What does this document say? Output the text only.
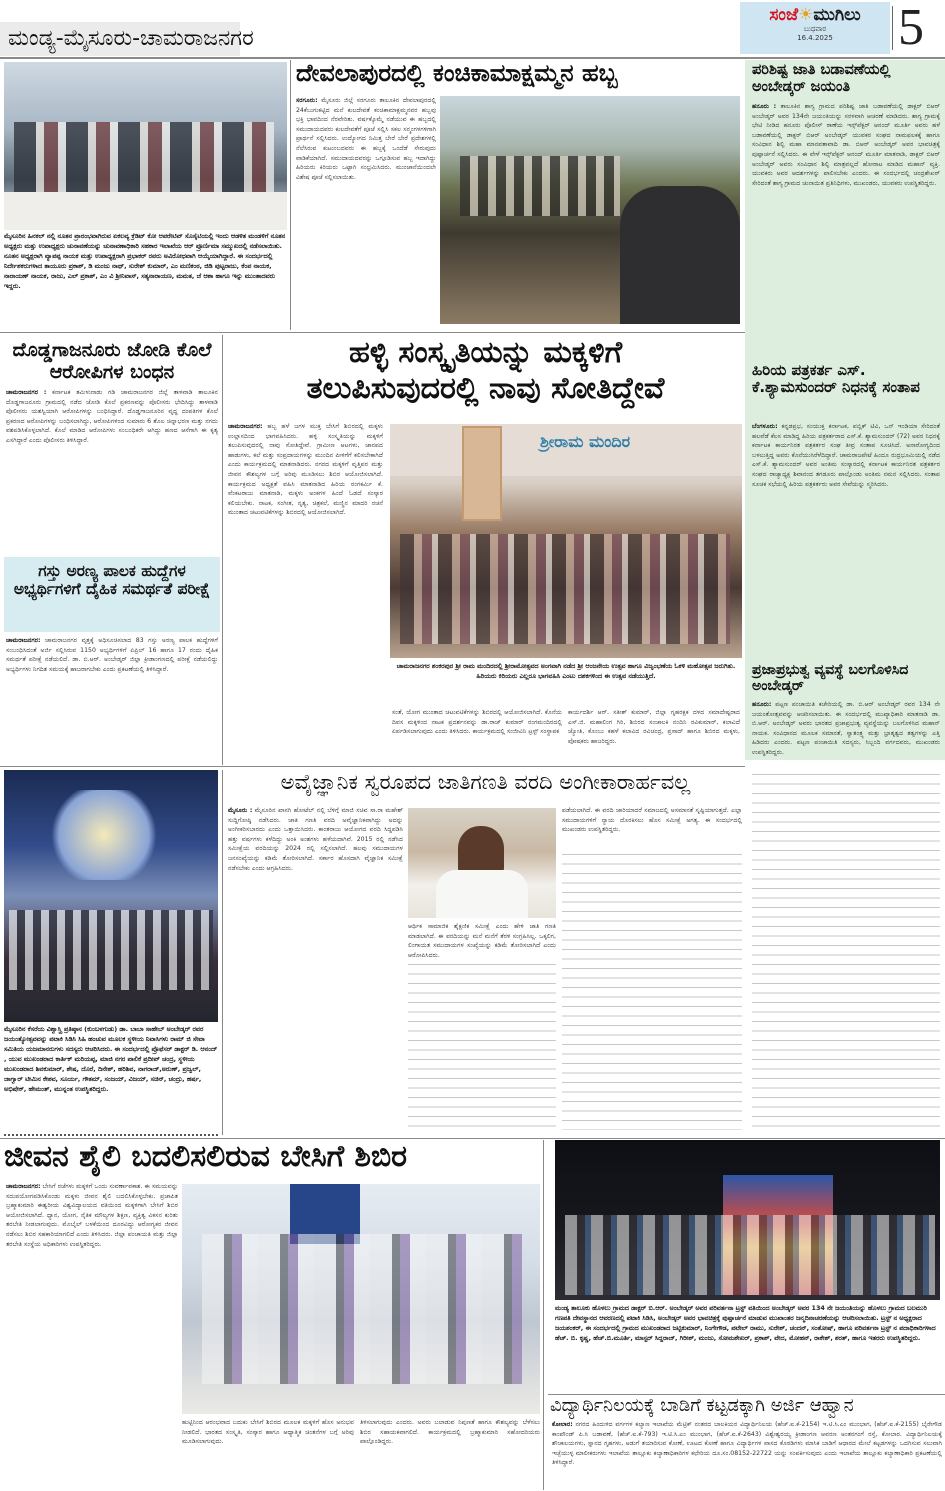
ಮಂಡ್ಯ-ಮೈಸೂರು-ಚಾಮರಾಜನಗರ
ಸಂಜೆ☀ಮುಗಿಲು
ಬುಧವಾರ
16.4.2025	5
ಮೈಸೂರಿನ ಹಿನಕಲ್ ನಲ್ಲಿ ನೂತನ ಪ್ರಾರಂಭವಾಗಿರುವ ಏಕಲವ್ಯ ಕ್ರೆಡಿಟ್ ಕೋ ಆಪರೇಟಿವ್ ಸೊಸೈಟಿಯಲ್ಲಿ ಇಂದು ಆಡಳಿತ ಮಂಡಳಿಗೆ ನೂತನ ಅಧ್ಯಕ್ಷರು ಮತ್ತು ಉಪಾಧ್ಯಕ್ಷರು ಚುನಾವಣೆಯನ್ನು ಚುನಾವಣಾಧಿಕಾರಿ ಸಹಕಾರ ಇಲಾಖೆಯ ಆರ್ ಪ್ರೂರ್ಣಿಮಾ ಸಮ್ಮುಖದಲ್ಲಿ ನಡೆಸಲಾಯಿತು. ನೂತನ ಅಧ್ಯಕ್ಷರಾಗಿ ವ್ಯಾಪಪ್ಪ ನಾಯಕ ಮತ್ತು ಉಪಾಧ್ಯಕ್ಷರಾಗಿ ಪ್ರಭಾಕರ್ ರವರು ಅವಿರೋಧವಾಗಿ ಆಯ್ಕೆಯಾಗಿದ್ದಾರೆ. ಈ ಸಂದರ್ಭದಲ್ಲಿ ನಿರ್ದೇಶಕರುಗಳಾದ ತಾಯೂರು ಪ್ರಕಾಶ್, ಡಿ ಮಂಜು ನಾಥ್, ಸುರೇಶ್ ಕುಮಾರ್, ಎಂ ಮಣಿಕಂಠ, ಜಿಡಿ ಪುಟ್ಟರಾಜು, ಕೆಂಪ ನಾಯಕ, ನಾರಾಯಣ್ ನಾಯಕ, ರಾಜು, ಎಲ್ ಪ್ರಕಾಶ್, ಎಂ ವಿ ಶ್ರೀನಿವಾಸ್, ಸತ್ಯನಾರಾಯಣ, ಮಮತ, ಜೆ ಆಶಾ ಹಾಗೂ ಇನ್ನು ಮುಂತಾದವರು ಇದ್ದರು.
ದೇವಲಾಪುರದಲ್ಲಿ ಕಂಚಿಕಾಮಾಕ್ಷಮ್ಮನ ಹಬ್ಬ
ಸರಗೂರು: ಮೈಸೂರು ಜಿಲ್ಲೆ ಸರಗೂರು ತಾಲೂಕಿನ ದೇವಲಾಪುರದಲ್ಲಿ 24ಕೆಬುಗುಕಟ್ಟಿದ ಮನೆ ಕುಲದೇವತೆ ಕಂಚಿಕಾಮಾಕ್ಷಮ್ಮನವರ ಹಬ್ಬವು ಭಕ್ತಿ ಭಾವದಿಂದ ನೆರವೇರಿತು. ವರ್ಷಕ್ಕೊಮ್ಮೆ ನಡೆಯುವ ಈ ಹಬ್ಬದಲ್ಲಿ ಸಮುದಾಯದವರು ಕುಲದೇವತೆಗೆ ಪೂಜೆ ಸಲ್ಲಿಸಿ ಸಕಲ ಸನ್ಮಂಗಳಗಳಿಗಾಗಿ ಪ್ರಾರ್ಥನೆ ಸಲ್ಲಿಸಿದರು. ಉದ್ಯೋಗದ ನಿಮಿತ್ತ ಬೇರೆ ಬೇರೆ ಪ್ರದೇಶಗಳಲ್ಲಿ ನೆಲೆಸಿರುವ ಕುಟುಂಬದವರು ಈ ಹಬ್ಬಕ್ಕೆ ಒಂದೆಡೆ ಸೇರುವುದು ವಾಡಿಕೆಯಾಗಿದೆ. ಸಮುದಾಯದವರನ್ನು ಒಗ್ಗೂಡಿಸುವ ಹಬ್ಬ ಇದಾಗಿದ್ದು ಹಿರಿಯರು ಕಿರಿಯರು ಒಟ್ಟಾಗಿ ಸಂಭ್ರಮಿಸಿದರು. ಮುಂಜಾನೆಯಿಂದಲೇ ವಿಶೇಷ ಪೂಜೆ ಸಲ್ಲಿಸಲಾಯಿತು.
ಪರಿಶಿಷ್ಟ ಜಾತಿ ಬಡಾವಣೆಯಲ್ಲಿ ಅಂಬೇಡ್ಕರ್ ಜಯಂತಿ
ಹನೂರು : ತಾಲೂಕಿನ ಶಾಗ್ಯ ಗ್ರಾಮದ ಪರಿಶಿಷ್ಟ ಜಾತಿ ಬಡಾವಣೆಯಲ್ಲಿ ಡಾಕ್ಟರ್ ಬಿಆರ್ ಅಂಬೇಡ್ಕರ್ ಅವರ 134ನೇ ಜಯಂತಿಯನ್ನು ಸರಳವಾಗಿ ಆಚರಣೆ ಮಾಡಿದರು. ಶಾಗ್ಯ ಗ್ರಾಮಕ್ಕೆ ಭೇಟಿ ನೀಡಿದ ಹನೂರು ಪೊಲೀಸ್ ಠಾಣೆಯ ಇನ್ಸ್‌ಪೆಕ್ಟರ್ ಆನಂದ್ ಮೂರ್ತಿ ಅವರು ಹಳೆ ಬಡಾವಣೆಯಲ್ಲಿ ಡಾಕ್ಟರ್ ಬಿಆರ್ ಅಂಬೇಡ್ಕರ್ ಯುವಕರ ಸಂಘದ ನಾಮಫಲಕಕ್ಕೆ ಹಾಗೂ ಸಂವಿಧಾನ ಶಿಲ್ಪಿ ಮಹಾ ಮಾನವತಾವಾದಿ ಡಾ. ಬಿಆರ್ ಅಂಬೇಡ್ಕರ್ ಅವರ ಭಾವಚಿತ್ರಕ್ಕೆ ಪುಷ್ಪಾರ್ಚನೆ ಸಲ್ಲಿಸಿದರು. ಈ ವೇಳೆ ಇನ್ಸ್‌ಪೆಕ್ಟರ್ ಆನಂದ್ ಮೂರ್ತಿ ಮಾತನಾಡಿ, ಡಾಕ್ಟರ್ ಬಿಆರ್ ಅಂಬೇಡ್ಕರ್ ಅವರು ಸಂವಿಧಾನ ಶಿಲ್ಪಿ ಮಾತ್ರವಲ್ಲದೆ ಹೋರಾಟ ಮಾಡಿದ ಮಹಾನ್ ವ್ಯಕ್ತಿ. ಯುವಕರು ಅವರ ಆದರ್ಶಗಳನ್ನು ಪಾಲಿಸಬೇಕು ಎಂದರು. ಈ ಸಂದರ್ಭದಲ್ಲಿ ಚಂದ್ರಶೇಖರ್ ಸೇರಿದಂತೆ ಶಾಗ್ಯ ಗ್ರಾಮದ ಚುನಾಯಿತ ಪ್ರತಿನಿಧಿಗಳು, ಮುಖಂಡರು, ಯುವಕರು ಉಪಸ್ಥಿತರಿದ್ದರು.
ಹಿರಿಯ ಪತ್ರಕರ್ತ ಎಸ್. ಕೆ.ಶ್ಯಾಮಸುಂದರ್ ನಿಧನಕ್ಕೆ ಸಂತಾಪ
ಬೆಂಗಳೂರು: ಕನ್ನಡಪ್ರಭ, ಸಂಯುಕ್ತ ಕರ್ನಾಟಕ, ಪಬ್ಲಿಕ್ ಟಿವಿ, ಒನ್ ಇಂಡಿಯಾ ಸೇರಿದಂತೆ ಹಲವೆಡೆ ಕೆಲಸ ಮಾಡಿದ್ದ ಹಿರಿಯ ಪತ್ರಕರ್ತರಾದ ಎಸ್.ಕೆ. ಶ್ಯಾಮಸುಂದರ್ (72) ಅವರ ನಿಧನಕ್ಕೆ ಕರ್ನಾಟಕ ಕಾರ್ಯನಿರತ ಪತ್ರಕರ್ತರ ಸಂಘ ತೀವ್ರ ಸಂತಾಪ ಸೂಚಿಸಿದೆ. ಅನಾರೋಗ್ಯದಿಂದ ಬಳಲುತ್ತಿದ್ದ ಅವರು ಕೊನೆಯುಸಿರೆಳೆದಿದ್ದಾರೆ. ಚಾಮರಾಜಪೇಟೆ ಹಿಂದೂ ರುದ್ರಭೂಮಿಯಲ್ಲಿ ನಡೆದ ಎಸ್.ಕೆ. ಶ್ಯಾಮಸುಂದರ್ ಅವರ ಅಂತಿಮ ಸಂಸ್ಕಾರದಲ್ಲಿ ಕರ್ನಾಟಕ ಕಾರ್ಯನಿರತ ಪತ್ರಕರ್ತರ ಸಂಘದ ರಾಜ್ಯಾಧ್ಯಕ್ಷ ಶಿವಾನಂದ ತಗಡೂರು ಪಾಲ್ಗೊಂಡು ಅಂತಿಮ ನಮನ ಸಲ್ಲಿಸಿದರು. ಸಂತಾಪ ಸೂಚಕ ಸಭೆಯಲ್ಲಿ ಹಿರಿಯ ಪತ್ರಕರ್ತರು ಅವರ ಸೇವೆಯನ್ನು ಸ್ಮರಿಸಿದರು.
ಪ್ರಜಾಪ್ರಭುತ್ವ ವ್ಯವಸ್ಥೆ ಬಲಗೊಳಿಸಿದ ಅಂಬೇಡ್ಕರ್
ಹನೂರು: ಪಟ್ಟಣ ಪಂಚಾಯಿತಿ ಕಚೇರಿಯಲ್ಲಿ ಡಾ. ಬಿ.ಆರ್ ಅಂಬೇಡ್ಕರ್ ರವರ 134 ನೇ ಜಯಂತೋತ್ಸವವನ್ನು ಆಚರಿಸಲಾಯಿತು. ಈ ಸಂದರ್ಭದಲ್ಲಿ ಮುಖ್ಯಾಧಿಕಾರಿ ಮಾತನಾಡಿ ಡಾ. ಬಿ.ಆರ್. ಅಂಬೇಡ್ಕರ್ ಅವರು ಭಾರತದ ಪ್ರಜಾಪ್ರಭುತ್ವ ವ್ಯವಸ್ಥೆಯನ್ನು ಬಲಗೊಳಿಸಿದ ಮಹಾನ್ ನಾಯಕ. ಸಂವಿಧಾನದ ಮೂಲಕ ಸಮಾನತೆ, ಸ್ವಾತಂತ್ರ್ಯ ಮತ್ತು ಭ್ರಾತೃತ್ವದ ತತ್ವಗಳನ್ನು ಎತ್ತಿ ಹಿಡಿದರು ಎಂದರು. ಪಟ್ಟಣ ಪಂಚಾಯಿತಿ ಸದಸ್ಯರು, ಸಿಬ್ಬಂದಿ ವರ್ಗದವರು, ಮುಖಂಡರು ಉಪಸ್ಥಿತರಿದ್ದರು.
ದೊಡ್ಡಗಾಜನೂರು ಜೋಡಿ ಕೊಲೆ ಆರೋಪಿಗಳ ಬಂಧನ
ಚಾಮರಾಜನಗರ : ಕರ್ನಾಟಕ ತಮಿಳುನಾಡು ಗಡಿ ಚಾಮರಾಜನಗರ ಜಿಲ್ಲೆ ತಾಳವಾಡಿ ತಾಲೂಕಿನ ದೊಡ್ಡಗಾಜನೂರು ಗ್ರಾಮದಲ್ಲಿ ನಡೆದ ಜೋಡಿ ಕೊಲೆ ಪ್ರಕರಣವನ್ನು ಪೊಲೀಸರು ಭೇದಿಸಿದ್ದು ತಾಳವಾಡಿ ಪೊಲೀಸರು ಯಶಸ್ವಿಯಾಗಿ ಆರೋಪಿಗಳನ್ನು ಬಂಧಿಸಿದ್ದಾರೆ. ದೊಡ್ಡಗಾಜನೂರಿನ ವೃದ್ಧ ದಂಪತಿಗಳ ಕೊಲೆ ಪ್ರಕರಣದ ಆರೋಪಿಗಳನ್ನು ಬಂಧಿಸಲಾಗಿದ್ದು, ಆರೋಪಿಗಳಿಂದ ಸುಮಾರು 6 ತೊಲ ಚಿನ್ನಾಭರಣ ಮತ್ತು ನಗದು ವಶಪಡಿಸಿಕೊಳ್ಳಲಾಗಿದೆ. ಕೊಲೆ ಮಾಡಿದ ಆರೋಪಿಗಳು ಸಂಬಂಧಿಕರೇ ಆಗಿದ್ದು ಹಣದ ಆಸೆಗಾಗಿ ಈ ಕೃತ್ಯ ಎಸಗಿದ್ದಾರೆ ಎಂದು ಪೊಲೀಸರು ತಿಳಿಸಿದ್ದಾರೆ.
ಗಸ್ತು ಅರಣ್ಯ ಪಾಲಕ ಹುದ್ದೆಗಳ ಅಭ್ಯರ್ಥಿಗಳಿಗೆ ದೈಹಿಕ ಸಮರ್ಥತೆ ಪರೀಕ್ಷೆ
ಚಾಮರಾಜನಗರ: ಚಾಮರಾಜನಗರ ವೃತ್ತಕ್ಕೆ ಅಧಿಸೂಚಿಸಲಾದ 83 ಗಸ್ತು ಅರಣ್ಯ ಪಾಲಕ ಹುದ್ದೆಗಳಿಗೆ ಸಂಬಂಧಿಸಿದಂತೆ ಅರ್ಜಿ ಸಲ್ಲಿಸಿರುವ 1150 ಅಭ್ಯರ್ಥಿಗಳಿಗೆ ಏಪ್ರಿಲ್ 16 ಹಾಗೂ 17 ರಂದು ದೈಹಿಕ ಸಮರ್ಥತೆ ಪರೀಕ್ಷೆ ನಡೆಯಲಿದೆ. ಡಾ. ಬಿ.ಆರ್. ಅಂಬೇಡ್ಕರ್ ಜಿಲ್ಲಾ ಕ್ರೀಡಾಂಗಣದಲ್ಲಿ ಪರೀಕ್ಷೆ ನಡೆಯಲಿದ್ದು ಅಭ್ಯರ್ಥಿಗಳು ನಿಗದಿತ ಸಮಯಕ್ಕೆ ಹಾಜರಾಗಬೇಕು ಎಂದು ಪ್ರಕಟಣೆಯಲ್ಲಿ ತಿಳಿಸಿದ್ದಾರೆ.
ಹಳ್ಳಿ ಸಂಸ್ಕೃತಿಯನ್ನು ಮಕ್ಕಳಿಗೆ
ತಲುಪಿಸುವುದರಲ್ಲಿ ನಾವು ಸೋತಿದ್ದೇವೆ
ಚಾಮರಾಜನಗರ: ಹಬ್ಬ ಹಳೆ ಜಗಳ ಮುಕ್ತ ಬೇಸಿಗೆ ಶಿಬಿರದಲ್ಲಿ ಮಕ್ಕಳು ಉಲ್ಲಾಸದಿಂದ ಭಾಗವಹಿಸಿದರು. ಹಳ್ಳಿ ಸಂಸ್ಕೃತಿಯನ್ನು ಮಕ್ಕಳಿಗೆ ತಲುಪಿಸುವುದರಲ್ಲಿ ನಾವು ಸೋತಿದ್ದೇವೆ. ಗ್ರಾಮೀಣ ಆಟಗಳು, ಜಾನಪದ ಹಾಡುಗಳು, ಕಲೆ ಮತ್ತು ಸಂಪ್ರದಾಯಗಳನ್ನು ಮುಂದಿನ ಪೀಳಿಗೆಗೆ ಕಲಿಸಬೇಕಾಗಿದೆ ಎಂದು ಕಾರ್ಯಕ್ರಮದಲ್ಲಿ ಮಾತನಾಡಿದರು. ನಗರದ ಮಕ್ಕಳಿಗೆ ವೃತ್ತಿಪರ ಮತ್ತು ಜೀವನ ಕೌಶಲ್ಯಗಳ ಬಗ್ಗೆ ಅರಿವು ಮೂಡಿಸಲು ಶಿಬಿರ ಆಯೋಜಿಸಲಾಗಿದೆ. ಕಾರ್ಯಕ್ರಮದ ಅಧ್ಯಕ್ಷತೆ ವಹಿಸಿ ಮಾತನಾಡಿದ ಹಿರಿಯ ರಂಗಕರ್ಮಿ ಕೆ. ವೆಂಕಟರಾಜು ಮಾತನಾಡಿ, ಮಕ್ಕಳು ಅಂಕಗಳ ಹಿಂದೆ ಓಡದೆ ಸಂಸ್ಕಾರ ಕಲಿಯಬೇಕು. ನಾಟಕ, ಸಂಗೀತ, ನೃತ್ಯ, ಚಿತ್ರಕಲೆ, ಮಣ್ಣಿನ ಮಾದರಿ ರಚನೆ ಮುಂತಾದ ಚಟುವಟಿಕೆಗಳನ್ನು ಶಿಬಿರದಲ್ಲಿ ಆಯೋಜಿಸಲಾಗಿದೆ.
ಶ್ರೀರಾಮ ಮಂದಿರ
ಚಾಮರಾಜನಗರ ಶಂಕರಪುರ ಶ್ರೀ ರಾಮ ಮಂದಿರದಲ್ಲಿ ಶ್ರೀರಾಮೋತ್ಸವದ ಅಂಗವಾಗಿ ನಡೆದ ಶ್ರೀ ಆಂಜನೇಯ ಉತ್ಸವ ಹಾಗೂ ವಿಜೃಂಭಣೆಯ ಓಕಳಿ ಮಹೋತ್ಸವ ಜರುಗಿತು. ಹಿರಿಯರು ಕಿರಿಯರು ಎಲ್ಲರೂ ಭಾಗವಹಿಸಿ ಎಂಟು ದಶಕಗಳಿಂದ ಈ ಉತ್ಸವ ನಡೆಯುತ್ತಿದೆ.
ಸಂತೆ, ಯೋಗ ಮುಂತಾದ ಚಟುವಟಿಕೆಗಳನ್ನು ಶಿಬಿರದಲ್ಲಿ ಆಯೋಜಿಸಲಾಗಿದೆ. ಕೊನೆಯ ದಿವಸ ಮಕ್ಕಳಿಂದ ನಾಟಕ ಪ್ರದರ್ಶನವನ್ನು ಡಾ.ರಾಜ್ ಕುಮಾರ್ ರಂಗಮಂದಿರದಲ್ಲಿ ಏರ್ಪಡಿಸಲಾಗುವುದು ಎಂದು ತಿಳಿಸಿದರು. ಕಾರ್ಯಕ್ರಮದಲ್ಲಿ ಸಂಜೀವಿನಿ ಟ್ರಸ್ಟ್ ಸಂಸ್ಥಾಪಕ
ಕಾರ್ಯದರ್ಶಿ ಆರ್. ಸತೀಶ್ ಕುಮಾರ್, ಜಿಲ್ಲಾ ಗೃಹರಕ್ಷಕ ದಳದ ಸಮಾದೇಷ್ಟರಾದ ಎಸ್.ಜಿ. ಮಹಾಲಿಂಗ ಗಿರಿ, ಶಿಬಿರದ ಸಂಚಾಲಕಿ ನಂದಿನಿ ರವಿಕುಮಾರ್, ಕಲಾವಿದೆ ಜ್ಯೋತಿ, ಕೊಂಬು ಕಹಳೆ ಕಲಾವಿದ ರವಿಚಂದ್ರ, ಪ್ರಸಾದ್ ಹಾಗೂ ಶಿಬಿರದ ಮಕ್ಕಳು, ಪೋಷಕರು ಹಾಜರಿದ್ದರು.
ಮೈಸೂರಿನ ಕೆಸರೆಯ ವಿಶ್ವಾಸ್ತ್ರಿ ಪ್ರತಿಷ್ಠಾನ (ಕುಂಬಳಗುಡು) ಡಾ. ಬಾಬಾ ಸಾಹೇಬ್ ಅಂಬೇಡ್ಕರ್ ರವರ ಜಯಂತ್ಯೋತ್ಸವವನ್ನು ಪಟಾಕಿ ಸಿಡಿಸಿ ಸಿಹಿ ಹಂಚುವ ಮೂಲಕ ಸ್ಥಳೀಯ ನಿವಾಸಿಗಳು ರಾಮ್ ಜಿ ಸೇವಾ ಸಮಿತಿಯ ಯಜಮಾನರುಗಳು ಸದಸ್ಯರು ಆಚರಿಸಿದರು. ಈ ಸಂದರ್ಭದಲ್ಲಿ ಪ್ರೊಫೆಸರ್ ಡಾಕ್ಟರ್ ಡಿ. ಆನಂದ್ , ಯುವ ಮುಖಂಡರಾದ ಕಾರ್ತಿಕ್ ಮರಿಯಪ್ಪ, ಮಾಜಿ ನಗರ ಪಾಲಿಕೆ ಪ್ರದೀಪ್ ಚಂದ್ರ, ಸ್ಥಳೀಯ ಮುಖಂಡರಾದ ಶಿವಕುಮಾರ್, ಶೇಷ, ದೊರೆ, ದಿನೇಶ್, ಹರಿಶಿವ, ನಾಗರಾಜ್,ಅರುಣ್, ಪ್ರಜ್ವಲ್, ಜಾಗ್ವಾರ್ ಟೀಮಿನ ಕೇಶವ, ಸೂರ್ಯ, ಗೌತಮ್, ಸಂಜಯ್, ವಿಜಯ್, ಸಚಿನ್, ಚಂದ್ರು, ಹರ್ಷ, ಅಭಿಷೇಕ್, ಹೇಮಂತ್, ಮುನ್ನಂತ ಉಪಸ್ಥಿತರಿದ್ದರು.
ಅವೈಜ್ಞಾನಿಕ ಸ್ವರೂಪದ ಜಾತಿಗಣತಿ ವರದಿ ಅಂಗೀಕಾರಾರ್ಹವಲ್ಲ
ಮೈಸೂರು : ಮೈಸೂರಿನ ಖಾಸಗಿ ಹೋಟೆಲ್ ನಲ್ಲಿ ಬೆಳಿಗ್ಗೆ ಮಾಜಿ ಸಚಿವ ಸಾ.ರಾ ಮಹೇಶ್ ಸುದ್ದಿಗೋಷ್ಠಿ ನಡೆಸಿದರು. ಜಾತಿ ಗಣತಿ ವರದಿ ಅವೈಜ್ಞಾನಿಕವಾಗಿದ್ದು ಅದನ್ನು ಅಂಗೀಕರಿಸಬಾರದು ಎಂದು ಒತ್ತಾಯಿಸಿದರು. ಕಾಂತರಾಜು ಆಯೋಗದ ವರದಿ ಸಿದ್ಧಪಡಿಸಿ ಹತ್ತು ವರ್ಷಗಳು ಕಳೆದಿದ್ದು ಅಂಕಿ ಅಂಶಗಳು ಹಳೆಯದಾಗಿವೆ. 2015 ರಲ್ಲಿ ನಡೆಸಿದ ಸಮೀಕ್ಷೆಯ ವರದಿಯನ್ನು 2024 ರಲ್ಲಿ ಸಲ್ಲಿಸಲಾಗಿದೆ. ಹಲವು ಸಮುದಾಯಗಳ ಜನಸಂಖ್ಯೆಯನ್ನು ಕಡಿಮೆ ತೋರಿಸಲಾಗಿದೆ. ಸರ್ಕಾರ ಹೊಸದಾಗಿ ವೈಜ್ಞಾನಿಕ ಸಮೀಕ್ಷೆ ನಡೆಸಬೇಕು ಎಂದು ಆಗ್ರಹಿಸಿದರು.
ಆರ್ಥಿಕ ಸಾಮಾಜಿಕ ಶೈಕ್ಷಣಿಕ ಸಮೀಕ್ಷೆ ಎಂದು ಹೇಳಿ ಜಾತಿ ಗಣತಿ ಮಾಡಲಾಗಿದೆ. ಈ ವರದಿಯನ್ನು ಮನೆ ಮನೆಗೆ ತೆರಳಿ ಸಂಗ್ರಹಿಸಿಲ್ಲ. ಒಕ್ಕಲಿಗ, ಲಿಂಗಾಯತ ಸಮುದಾಯಗಳ ಸಂಖ್ಯೆಯನ್ನು ಕಡಿಮೆ ತೋರಿಸಲಾಗಿದೆ ಎಂದು ಆರೋಪಿಸಿದರು.
ಪಡೆಯಲಾಗಿದೆ. ಈ ವರದಿ ಜಾರಿಯಾದರೆ ಸಮಾಜದಲ್ಲಿ ಅಸಮಾನತೆ ಸೃಷ್ಟಿಯಾಗುತ್ತದೆ. ಎಲ್ಲಾ ಸಮುದಾಯಗಳಿಗೆ ನ್ಯಾಯ ದೊರಕಿಸಲು ಹೊಸ ಸಮೀಕ್ಷೆ ಅಗತ್ಯ. ಈ ಸಂದರ್ಭದಲ್ಲಿ ಮುಖಂಡರು ಉಪಸ್ಥಿತರಿದ್ದರು.
ಜೀವನ ಶೈಲಿ ಬದಲಿಸಲಿರುವ ಬೇಸಿಗೆ ಶಿಬಿರ
ಚಾಮರಾಜನಗರ: ಬೇಸಿಗೆ ರಜೆಗಳು ಮಕ್ಕಳಿಗೆ ಒಂದು ಸುವರ್ಣಾವಕಾಶ. ಈ ಸಮಯವನ್ನು ಸದುಪಯೋಗಪಡಿಸಿಕೊಂಡು ಮಕ್ಕಳು ಜೀವನ ಶೈಲಿ ಬದಲಿಸಿಕೊಳ್ಳಬೇಕು. ಪ್ರಜಾಪಿತ ಬ್ರಹ್ಮಾಕುಮಾರಿ ಈಶ್ವರೀಯ ವಿಶ್ವವಿದ್ಯಾಲಯದ ವತಿಯಿಂದ ಮಕ್ಕಳಿಗಾಗಿ ಬೇಸಿಗೆ ಶಿಬಿರ ಆಯೋಜಿಸಲಾಗಿದೆ. ಧ್ಯಾನ, ಯೋಗ, ನೈತಿಕ ಮೌಲ್ಯಗಳ ಶಿಕ್ಷಣ, ವ್ಯಕ್ತಿತ್ವ ವಿಕಸನ ಕುರಿತು ತರಬೇತಿ ನೀಡಲಾಗುವುದು. ಮೊಬೈಲ್ ಬಳಕೆಯಿಂದ ದೂರವಿದ್ದು ಆರೋಗ್ಯಕರ ಜೀವನ ನಡೆಸಲು ಶಿಬಿರ ಸಹಕಾರಿಯಾಗಲಿದೆ ಎಂದು ತಿಳಿಸಿದರು. ಜಿಲ್ಲಾ ಪಂಚಾಯತಿ ಮತ್ತು ಜಿಲ್ಲಾ ತರಬೇತಿ ಸಂಸ್ಥೆಯ ಅಧಿಕಾರಿಗಳು ಉಪಸ್ಥಿತರಿದ್ದರು.
ಹುಟ್ಟಿನಿಂದ ಆರಂಭವಾದ ಬದುಕು ಬೇಸಿಗೆ ಶಿಬಿರದ ಮೂಲಕ ಮಕ್ಕಳಿಗೆ ಹೊಸ ಅನುಭವ ನೀಡಲಿದೆ. ಭಾರತದ ಸಂಸ್ಕೃತಿ, ಸಂಸ್ಕಾರ ಹಾಗೂ ಆಧ್ಯಾತ್ಮಿಕ ಚಿಂತನೆಗಳ ಬಗ್ಗೆ ಅರಿವು ಮೂಡಿಸಲಾಗುವುದು.
ತಿಳಿಸಲಾಗುವುದು ಎಂದರು. ಅವರು ಬಲಾಡುವ ನಿಪುಣತೆ ಹಾಗೂ ಕೌಶಲ್ಯವನ್ನು ಬೆಳೆಸಲು ಶಿಬಿರ ಸಹಾಯಕವಾಗಲಿದೆ. ಕಾರ್ಯಕ್ರಮದಲ್ಲಿ ಬ್ರಹ್ಮಾಕುಮಾರಿ ಸಹೋದರಿಯರು ಪಾಲ್ಗೊಂಡಿದ್ದರು.
ಮಂಡ್ಯ ತಾಲೂಕು ಹೊಳಲು ಗ್ರಾಮದ ಡಾಕ್ಟರ್ ಬಿ.ಆರ್. ಅಂಬೇಡ್ಕರ್ ಅವರ ಪರಿವರ್ತನಾ ಟ್ರಸ್ಟ್ ವತಿಯಿಂದ ಅಂಬೇಡ್ಕರ್ ಅವರ 134 ನೇ ಜಯಂತಿಯನ್ನು ಹೊಳಲು ಗ್ರಾಮದ ಬಲಮುರಿ ಗಣಪತಿ ದೇವಸ್ಥಾನದ ಆವರಣದಲ್ಲಿ ಪಟಾಕಿ ಸಿಡಿಸಿ, ಅಂಬೇಡ್ಕರ್ ಅವರ ಭಾವಚಿತ್ರಕ್ಕೆ ಪುಷ್ಪಾರ್ಚನೆ ಮಾಡುವ ಮುಖಾಂತರ ಜನ್ಮದಿನಾಚರಣೆಯನ್ನು ಆಚರಿಸಲಾಯಿತು. ಟ್ರಸ್ಟ್ ನ ಅಧ್ಯಕ್ಷರಾದ ಜಯಶಂಕರ್, ಈ ಸಂದರ್ಭದಲ್ಲಿ ಗ್ರಾಮದ ಮುಖಂಡರಾದ ಜಟ್ಟಿಕುಮಾರ್, ನಿಂಗೇಗೌಡ, ಪಟೇಲ್ ರಾಮು, ಸುರೇಶ್, ಚಂದನ್, ಸಂತೋಷ್, ಹಾಗೂ ಪರಿವರ್ತನಾ ಟ್ರಸ್ಟ್ ನ ಪದಾಧಿಕಾರಿಗಳಾದ ಹೆಚ್. ಬಿ. ಕೃಷ್ಣ, ಹೆಚ್.ಬಿ.ಮೂರ್ತಿ, ಮಾಸ್ಟರ್ ಸಿದ್ದರಾಜ್, ಗಿರೀಶ್, ಮಂಜು, ಸೋಮಶೇಖರ್, ಪ್ರಕಾಶ್, ವೇದ, ಮೋಹನ್, ರಾಕೇಶ್, ಶರತ್, ಹಾಗೂ ಇತರರು ಉಪಸ್ಥಿತರಿದ್ದರು.
ವಿದ್ಯಾರ್ಥಿನಿಲಯಕ್ಕೆ ಬಾಡಿಗೆ ಕಟ್ಟಡಕ್ಕಾಗಿ ಅರ್ಜಿ ಆಹ್ವಾನ
ಕೋಲಾರ: ನಗರದ ಹಿಂದುಳಿದ ವರ್ಗಗಳ ಕಲ್ಯಾಣ ಇಲಾಖೆಯ ಮೆಟ್ರಿಕ್ ನಂತರದ ಬಾಲಕಿಯರ ವಿದ್ಯಾರ್ಥಿನಿಲಯ (ಹೆಚ್.ಐ.ಕೆ-2154) ಇ.ಟಿ.ಸಿ.ಎಂ ಮುಂಭಾಗ, (ಹೆಚ್.ಐ.ಕೆ-2155) ಬೈರೇಗೌಡ ಕಾಂಪೌಂಡ್ ಪಿ.ಸಿ ಬಡಾವಣೆ, (ಹೆಚ್.ಐ.ಕೆ-793) ಇ.ಟಿ.ಸಿ.ಎಂ ಮುಂಭಾಗ, (ಹೆಚ್.ಐ.ಕೆ-2643) ವಿಶ್ವೇಶ್ವರಯ್ಯ ಕ್ರೀಡಾಂಗಣ ಆವರಣ ಅಂತರಗಂಗೆ ರಸ್ತೆ, ಕೋಲಾರ. ವಿದ್ಯಾರ್ಥಿನಿಲಯಕ್ಕೆ ಶೌಚಾಲಯಗಳು, ಸ್ನಾನದ ಗೃಹಗಳು, ಅಡುಗೆ ತಯಾರಿಸುವ ಕೋಣೆ, ಊಟದ ಕೋಣೆ ಹಾಗೂ ವಿದ್ಯಾರ್ಥಿಗಳ ವಾಸದ ಕೊಠಡಿಗಳು ಮಾಸಿಕ ಬಾಡಿಗೆ ಆಧಾರದ ಮೇಲೆ ಕಟ್ಟಡಗಳನ್ನು ಒದಗಿಸುವ ಸಲುವಾಗಿ ಇಚ್ಛೆಯುಳ್ಳ ಮಾಲೀಕರುಗಳು ಇಲಾಖೆಯ ತಾಲ್ಲೂಕು ಕಲ್ಯಾಣಾಧಿಕಾರಿಗಳ ಕಛೇರಿಯ ದೂ.ಸಂ.08152-22722 ಯನ್ನು ಸಂಪರ್ಕಿಸುವುದು ಎಂದು ಇಲಾಖೆಯ ತಾಲ್ಲೂಕು ಕಲ್ಯಾಣಾಧಿಕಾರಿ ಪ್ರಕಟಣೆಯಲ್ಲಿ ತಿಳಿಸಿದ್ದಾರೆ.
